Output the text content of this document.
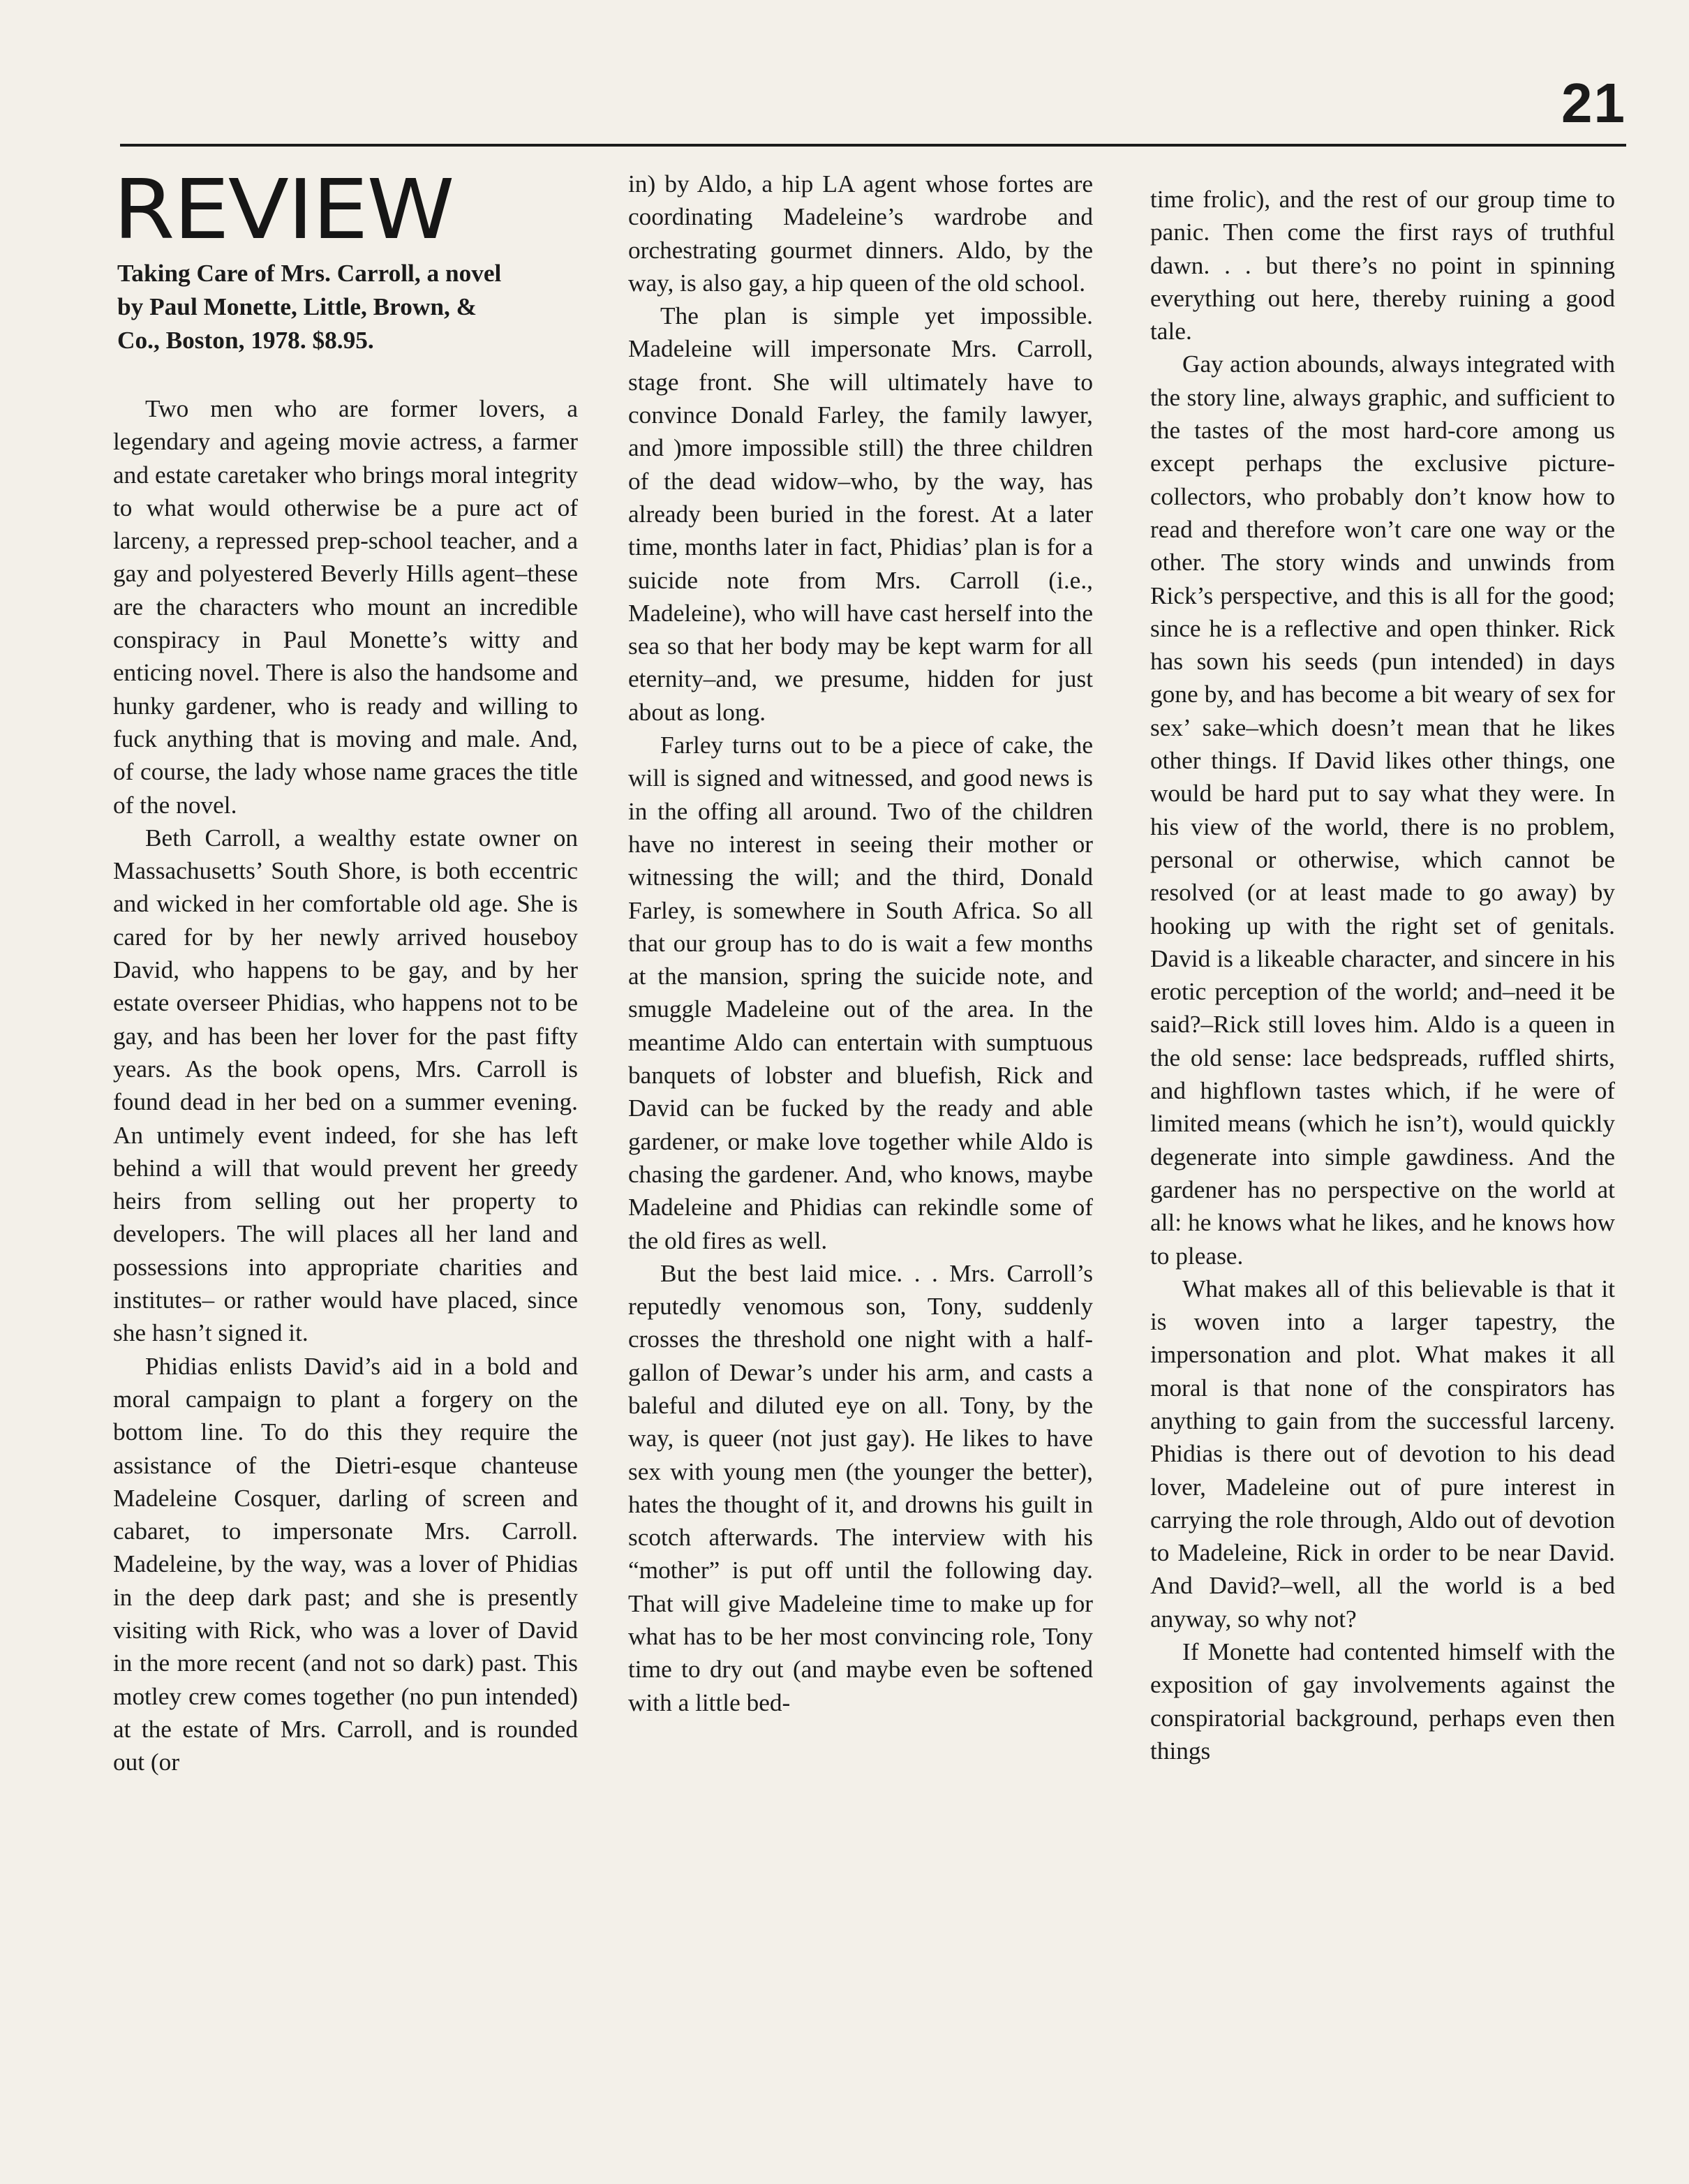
21
REVIEW
Taking Care of Mrs. Carroll, a novel
by Paul Monette, Little, Brown, &
Co., Boston, 1978. $8.95.

Two men who are former lovers, a legendary and ageing movie actress, a farmer and estate caretaker who brings moral integrity to what would otherwise be a pure act of larceny, a repressed prep-school teacher, and a gay and polyestered Beverly Hills agent–these are the characters who mount an incredible conspiracy in Paul Monette’s witty and enticing novel. There is also the handsome and hunky gardener, who is ready and willing to fuck anything that is moving and male. And, of course, the lady whose name graces the title of the novel.

Beth Carroll, a wealthy estate owner on Massachusetts’ South Shore, is both eccentric and wicked in her comfortable old age. She is cared for by her newly arrived houseboy David, who happens to be gay, and by her estate overseer Phidias, who happens not to be gay, and has been her lover for the past fifty years. As the book opens, Mrs. Carroll is found dead in her bed on a summer evening. An untimely event indeed, for she has left behind a will that would prevent her greedy heirs from selling out her property to developers. The will places all her land and possessions into appropriate charities and institutes– or rather would have placed, since she hasn’t signed it.

Phidias enlists David’s aid in a bold and moral campaign to plant a forgery on the bottom line. To do this they require the assistance of the Dietri-esque chanteuse Madeleine Cosquer, darling of screen and cabaret, to impersonate Mrs. Carroll. Madeleine, by the way, was a lover of Phidias in the deep dark past; and she is presently visiting with Rick, who was a lover of David in the more recent (and not so dark) past. This motley crew comes together (no pun intended) at the estate of Mrs. Carroll, and is rounded out (or

in) by Aldo, a hip LA agent whose fortes are coordinating Madeleine’s wardrobe and orchestrating gourmet dinners. Aldo, by the way, is also gay, a hip queen of the old school.

The plan is simple yet impossible. Madeleine will impersonate Mrs. Carroll, stage front. She will ultimately have to convince Donald Farley, the family lawyer, and )more impossible still) the three children of the dead widow–who, by the way, has already been buried in the forest. At a later time, months later in fact, Phidias’ plan is for a suicide note from Mrs. Carroll (i.e., Madeleine), who will have cast herself into the sea so that her body may be kept warm for all eternity–and, we presume, hidden for just about as long.

Farley turns out to be a piece of cake, the will is signed and witnessed, and good news is in the offing all around. Two of the children have no interest in seeing their mother or witnessing the will; and the third, Donald Farley, is somewhere in South Africa. So all that our group has to do is wait a few months at the mansion, spring the suicide note, and smuggle Madeleine out of the area. In the meantime Aldo can entertain with sumptuous banquets of lobster and bluefish, Rick and David can be fucked by the ready and able gardener, or make love together while Aldo is chasing the gardener. And, who knows, maybe Madeleine and Phidias can rekindle some of the old fires as well.

But the best laid mice. . . Mrs. Carroll’s reputedly venomous son, Tony, suddenly crosses the threshold one night with a half-gallon of Dewar’s under his arm, and casts a baleful and diluted eye on all. Tony, by the way, is queer (not just gay). He likes to have sex with young men (the younger the better), hates the thought of it, and drowns his guilt in scotch afterwards. The interview with his “mother” is put off until the following day. That will give Madeleine time to make up for what has to be her most convincing role, Tony time to dry out (and maybe even be softened with a little bed-

time frolic), and the rest of our group time to panic. Then come the first rays of truthful dawn. . . but there’s no point in spinning everything out here, thereby ruining a good tale.

Gay action abounds, always integrated with the story line, always graphic, and sufficient to the tastes of the most hard-core among us except perhaps the exclusive picture-collectors, who probably don’t know how to read and therefore won’t care one way or the other. The story winds and unwinds from Rick’s perspective, and this is all for the good; since he is a reflective and open thinker. Rick has sown his seeds (pun intended) in days gone by, and has become a bit weary of sex for sex’ sake–which doesn’t mean that he likes other things. If David likes other things, one would be hard put to say what they were. In his view of the world, there is no problem, personal or otherwise, which cannot be resolved (or at least made to go away) by hooking up with the right set of genitals. David is a likeable character, and sincere in his erotic perception of the world; and–need it be said?–Rick still loves him. Aldo is a queen in the old sense: lace bedspreads, ruffled shirts, and highflown tastes which, if he were of limited means (which he isn’t), would quickly degenerate into simple gawdiness. And the gardener has no perspective on the world at all: he knows what he likes, and he knows how to please.

What makes all of this believable is that it is woven into a larger tapestry, the impersonation and plot. What makes it all moral is that none of the conspirators has anything to gain from the successful larceny. Phidias is there out of devotion to his dead lover, Madeleine out of pure interest in carrying the role through, Aldo out of devotion to Madeleine, Rick in order to be near David. And David?–well, all the world is a bed anyway, so why not?

If Monette had contented himself with the exposition of gay involvements against the conspiratorial background, perhaps even then things
